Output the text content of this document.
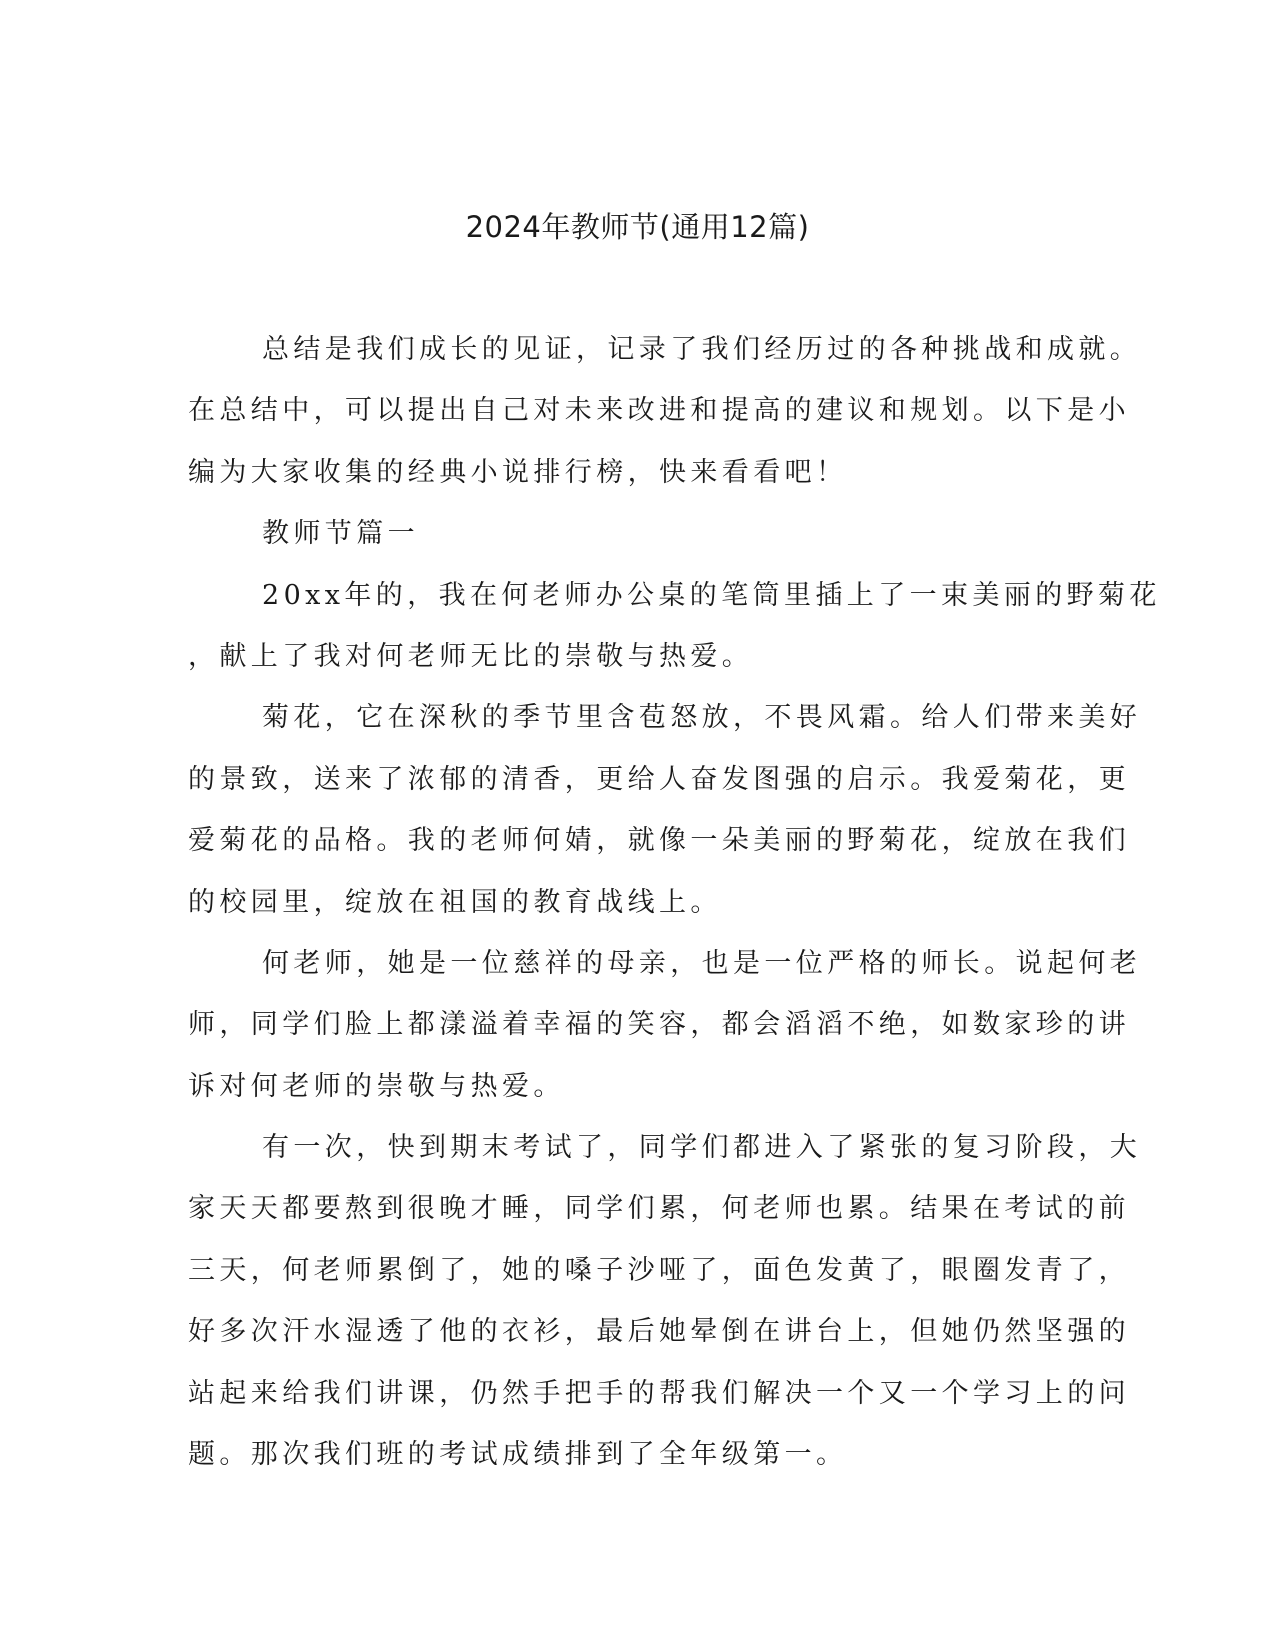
2024年教师节(通用12篇)
总结是我们成长的见证，记录了我们经历过的各种挑战和成就。
在总结中，可以提出自己对未来改进和提高的建议和规划。以下是小
编为大家收集的经典小说排行榜，快来看看吧！
教师节篇一
20xx年的，我在何老师办公桌的笔筒里插上了一束美丽的野菊花
，献上了我对何老师无比的崇敬与热爱。
菊花，它在深秋的季节里含苞怒放，不畏风霜。给人们带来美好
的景致，送来了浓郁的清香，更给人奋发图强的启示。我爱菊花，更
爱菊花的品格。我的老师何婧，就像一朵美丽的野菊花，绽放在我们
的校园里，绽放在祖国的教育战线上。
何老师，她是一位慈祥的母亲，也是一位严格的师长。说起何老
师，同学们脸上都漾溢着幸福的笑容，都会滔滔不绝，如数家珍的讲
诉对何老师的崇敬与热爱。
有一次，快到期末考试了，同学们都进入了紧张的复习阶段，大
家天天都要熬到很晚才睡，同学们累，何老师也累。结果在考试的前
三天，何老师累倒了，她的嗓子沙哑了，面色发黄了，眼圈发青了，
好多次汗水湿透了他的衣衫，最后她晕倒在讲台上，但她仍然坚强的
站起来给我们讲课，仍然手把手的帮我们解决一个又一个学习上的问
题。那次我们班的考试成绩排到了全年级第一。
